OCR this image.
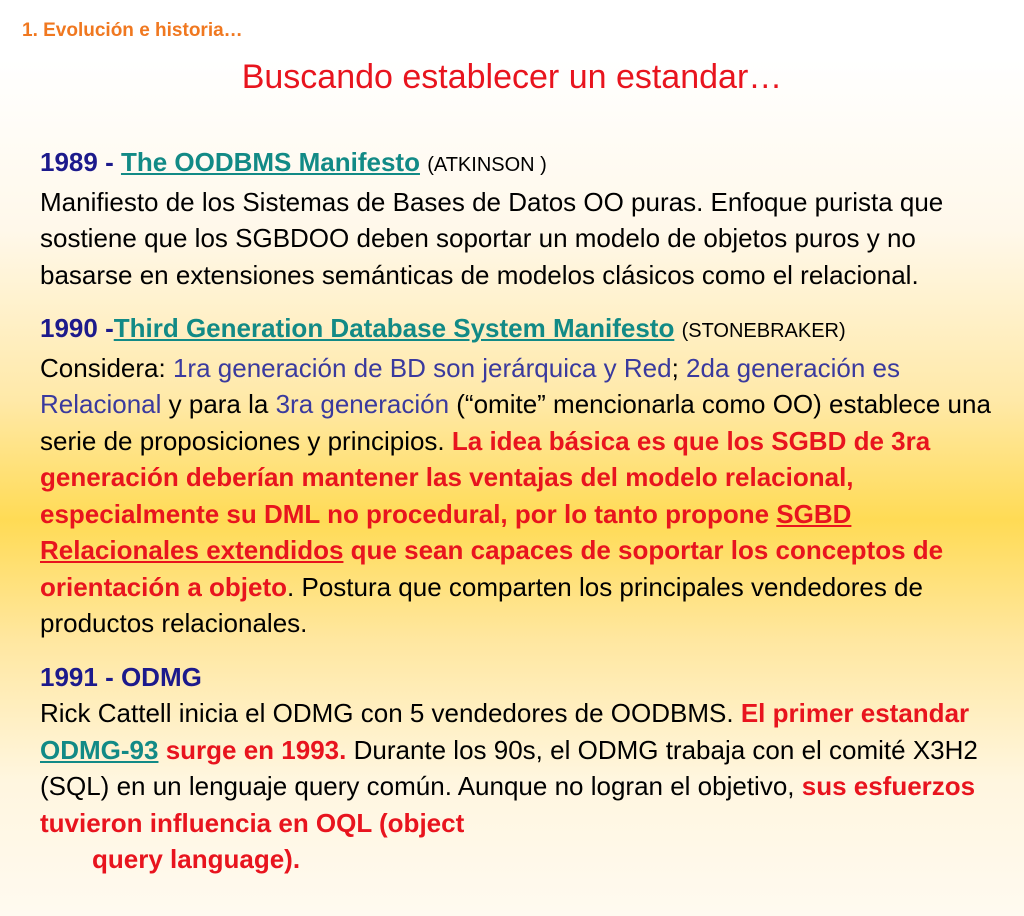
1. Evolución e historia…
Buscando establecer un estandar…

1989 - The OODBMS Manifesto (ATKINSON )

Manifiesto de los Sistemas de Bases de Datos OO puras. Enfoque purista que sostiene que los SGBDOO deben soportar un modelo de objetos puros y no basarse en extensiones semánticas de modelos clásicos como el relacional.

1990 -Third Generation Database System Manifesto (STONEBRAKER)

Considera: 1ra generación de BD son jerárquica y Red; 2da generación es Relacional y para la 3ra generación (“omite” mencionarla como OO) establece una serie de proposiciones y principios. La idea básica es que los SGBD de 3ra generación deberían mantener las ventajas del modelo relacional, especialmente su DML no procedural, por lo tanto propone SGBD Relacionales extendidos que sean capaces de soportar los conceptos de orientación a objeto. Postura que comparten los principales vendedores de productos relacionales.

1991 - ODMG

Rick Cattell inicia el ODMG con 5 vendedores de OODBMS. El primer estandar ODMG-93 surge en 1993. Durante los 90s, el ODMG trabaja con el comité X3H2 (SQL) en un lenguaje query común. Aunque no logran el objetivo, sus esfuerzos tuvieron influencia en OQL (object
query language).
